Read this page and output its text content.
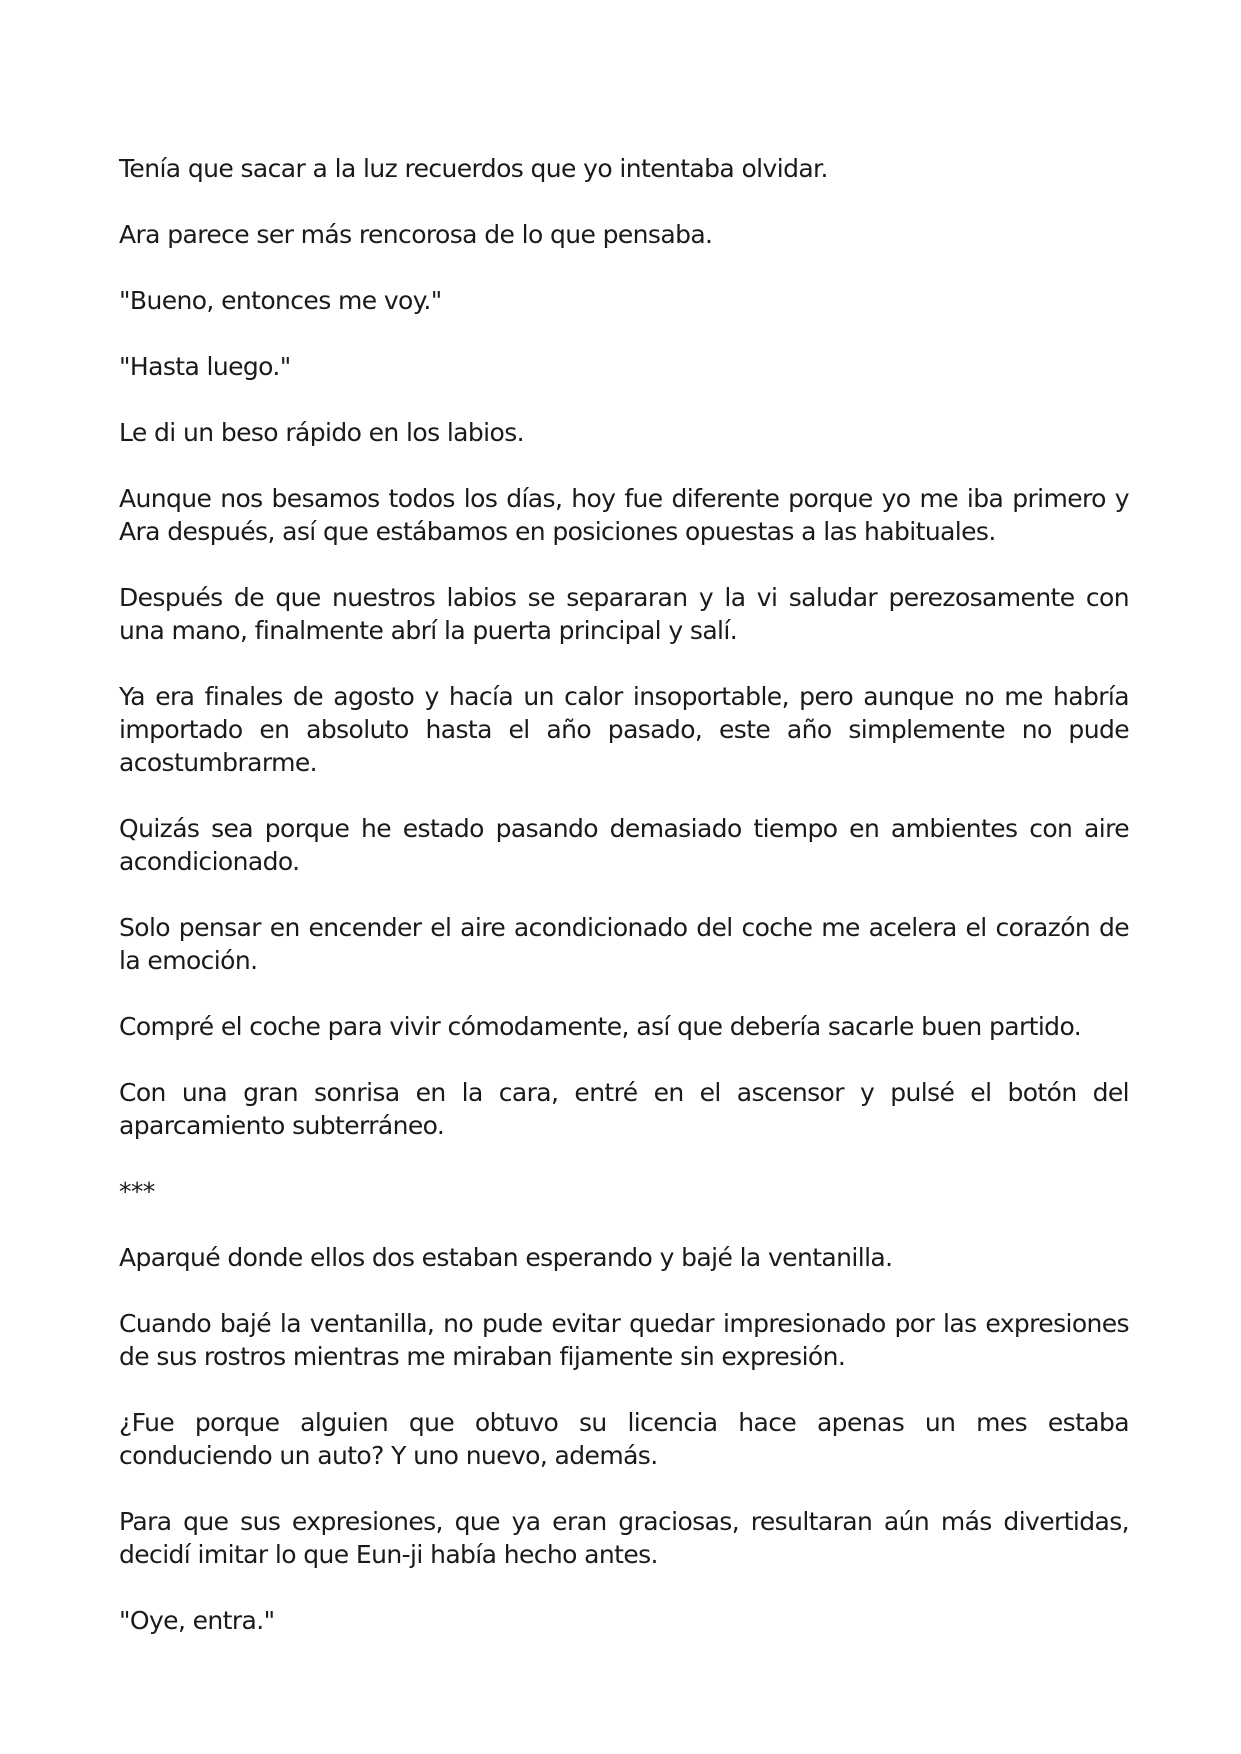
Tenía que sacar a la luz recuerdos que yo intentaba olvidar.

Ara parece ser más rencorosa de lo que pensaba.

"Bueno, entonces me voy."

"Hasta luego."

Le di un beso rápido en los labios.

Aunque nos besamos todos los días, hoy fue diferente porque yo me iba primero y Ara después, así que estábamos en posiciones opuestas a las habituales.

Después de que nuestros labios se separaran y la vi saludar perezosamente con una mano, finalmente abrí la puerta principal y salí.

Ya era finales de agosto y hacía un calor insoportable, pero aunque no me habría importado en absoluto hasta el año pasado, este año simplemente no pude acostumbrarme.

Quizás sea porque he estado pasando demasiado tiempo en ambientes con aire acondicionado.

Solo pensar en encender el aire acondicionado del coche me acelera el corazón de la emoción.

Compré el coche para vivir cómodamente, así que debería sacarle buen partido.

Con una gran sonrisa en la cara, entré en el ascensor y pulsé el botón del aparcamiento subterráneo.

***

Aparqué donde ellos dos estaban esperando y bajé la ventanilla.

Cuando bajé la ventanilla, no pude evitar quedar impresionado por las expresiones de sus rostros mientras me miraban fijamente sin expresión.

¿Fue porque alguien que obtuvo su licencia hace apenas un mes estaba conduciendo un auto? Y uno nuevo, además.

Para que sus expresiones, que ya eran graciosas, resultaran aún más divertidas, decidí imitar lo que Eun-ji había hecho antes.

"Oye, entra."
